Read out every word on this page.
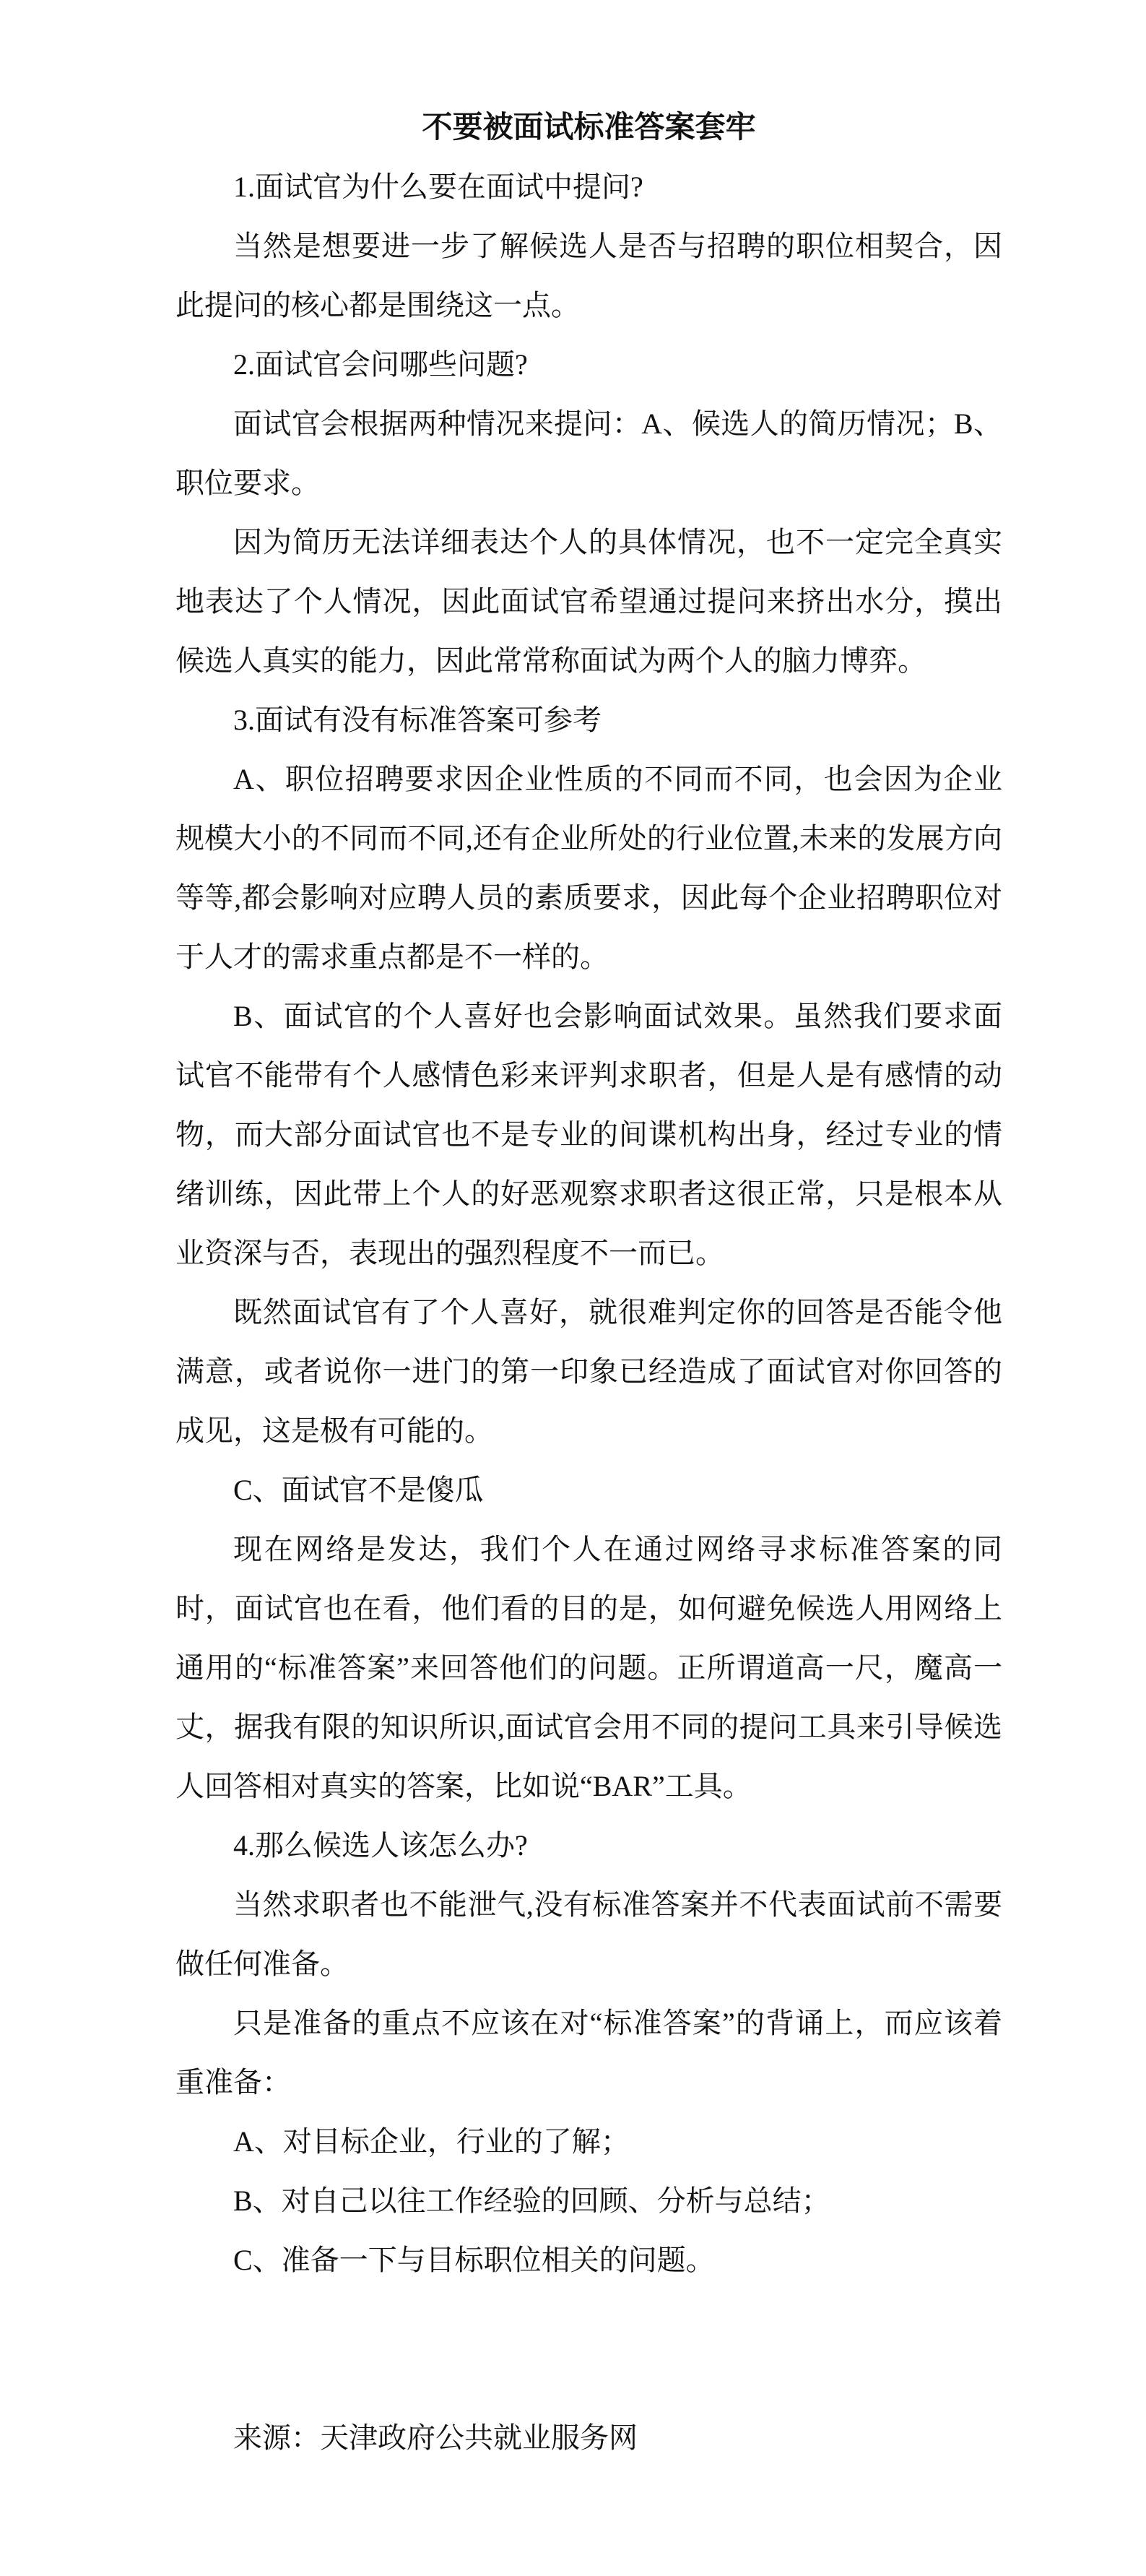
不要被面试标准答案套牢

1.面试官为什么要在面试中提问?

当然是想要进一步了解候选人是否与招聘的职位相契合，因此提问的核心都是围绕这一点。

2.面试官会问哪些问题?

面试官会根据两种情况来提问：A、候选人的简历情况；B、职位要求。

因为简历无法详细表达个人的具体情况，也不一定完全真实地表达了个人情况，因此面试官希望通过提问来挤出水分，摸出候选人真实的能力，因此常常称面试为两个人的脑力博弈。

3.面试有没有标准答案可参考

A、职位招聘要求因企业性质的不同而不同，也会因为企业规模大小的不同而不同,还有企业所处的行业位置,未来的发展方向等等,都会影响对应聘人员的素质要求，因此每个企业招聘职位对于人才的需求重点都是不一样的。

B、面试官的个人喜好也会影响面试效果。虽然我们要求面试官不能带有个人感情色彩来评判求职者，但是人是有感情的动物，而大部分面试官也不是专业的间谍机构出身，经过专业的情绪训练，因此带上个人的好恶观察求职者这很正常，只是根本从业资深与否，表现出的强烈程度不一而已。

既然面试官有了个人喜好，就很难判定你的回答是否能令他满意，或者说你一进门的第一印象已经造成了面试官对你回答的成见，这是极有可能的。

C、面试官不是傻瓜

现在网络是发达，我们个人在通过网络寻求标准答案的同时，面试官也在看，他们看的目的是，如何避免候选人用网络上通用的“标准答案”来回答他们的问题。正所谓道高一尺，魔高一丈，据我有限的知识所识,面试官会用不同的提问工具来引导候选人回答相对真实的答案，比如说“BAR”工具。

4.那么候选人该怎么办?

当然求职者也不能泄气,没有标准答案并不代表面试前不需要做任何准备。

只是准备的重点不应该在对“标准答案”的背诵上，而应该着重准备：

A、对目标企业，行业的了解；

B、对自己以往工作经验的回顾、分析与总结；

C、准备一下与目标职位相关的问题。

来源：天津政府公共就业服务网
